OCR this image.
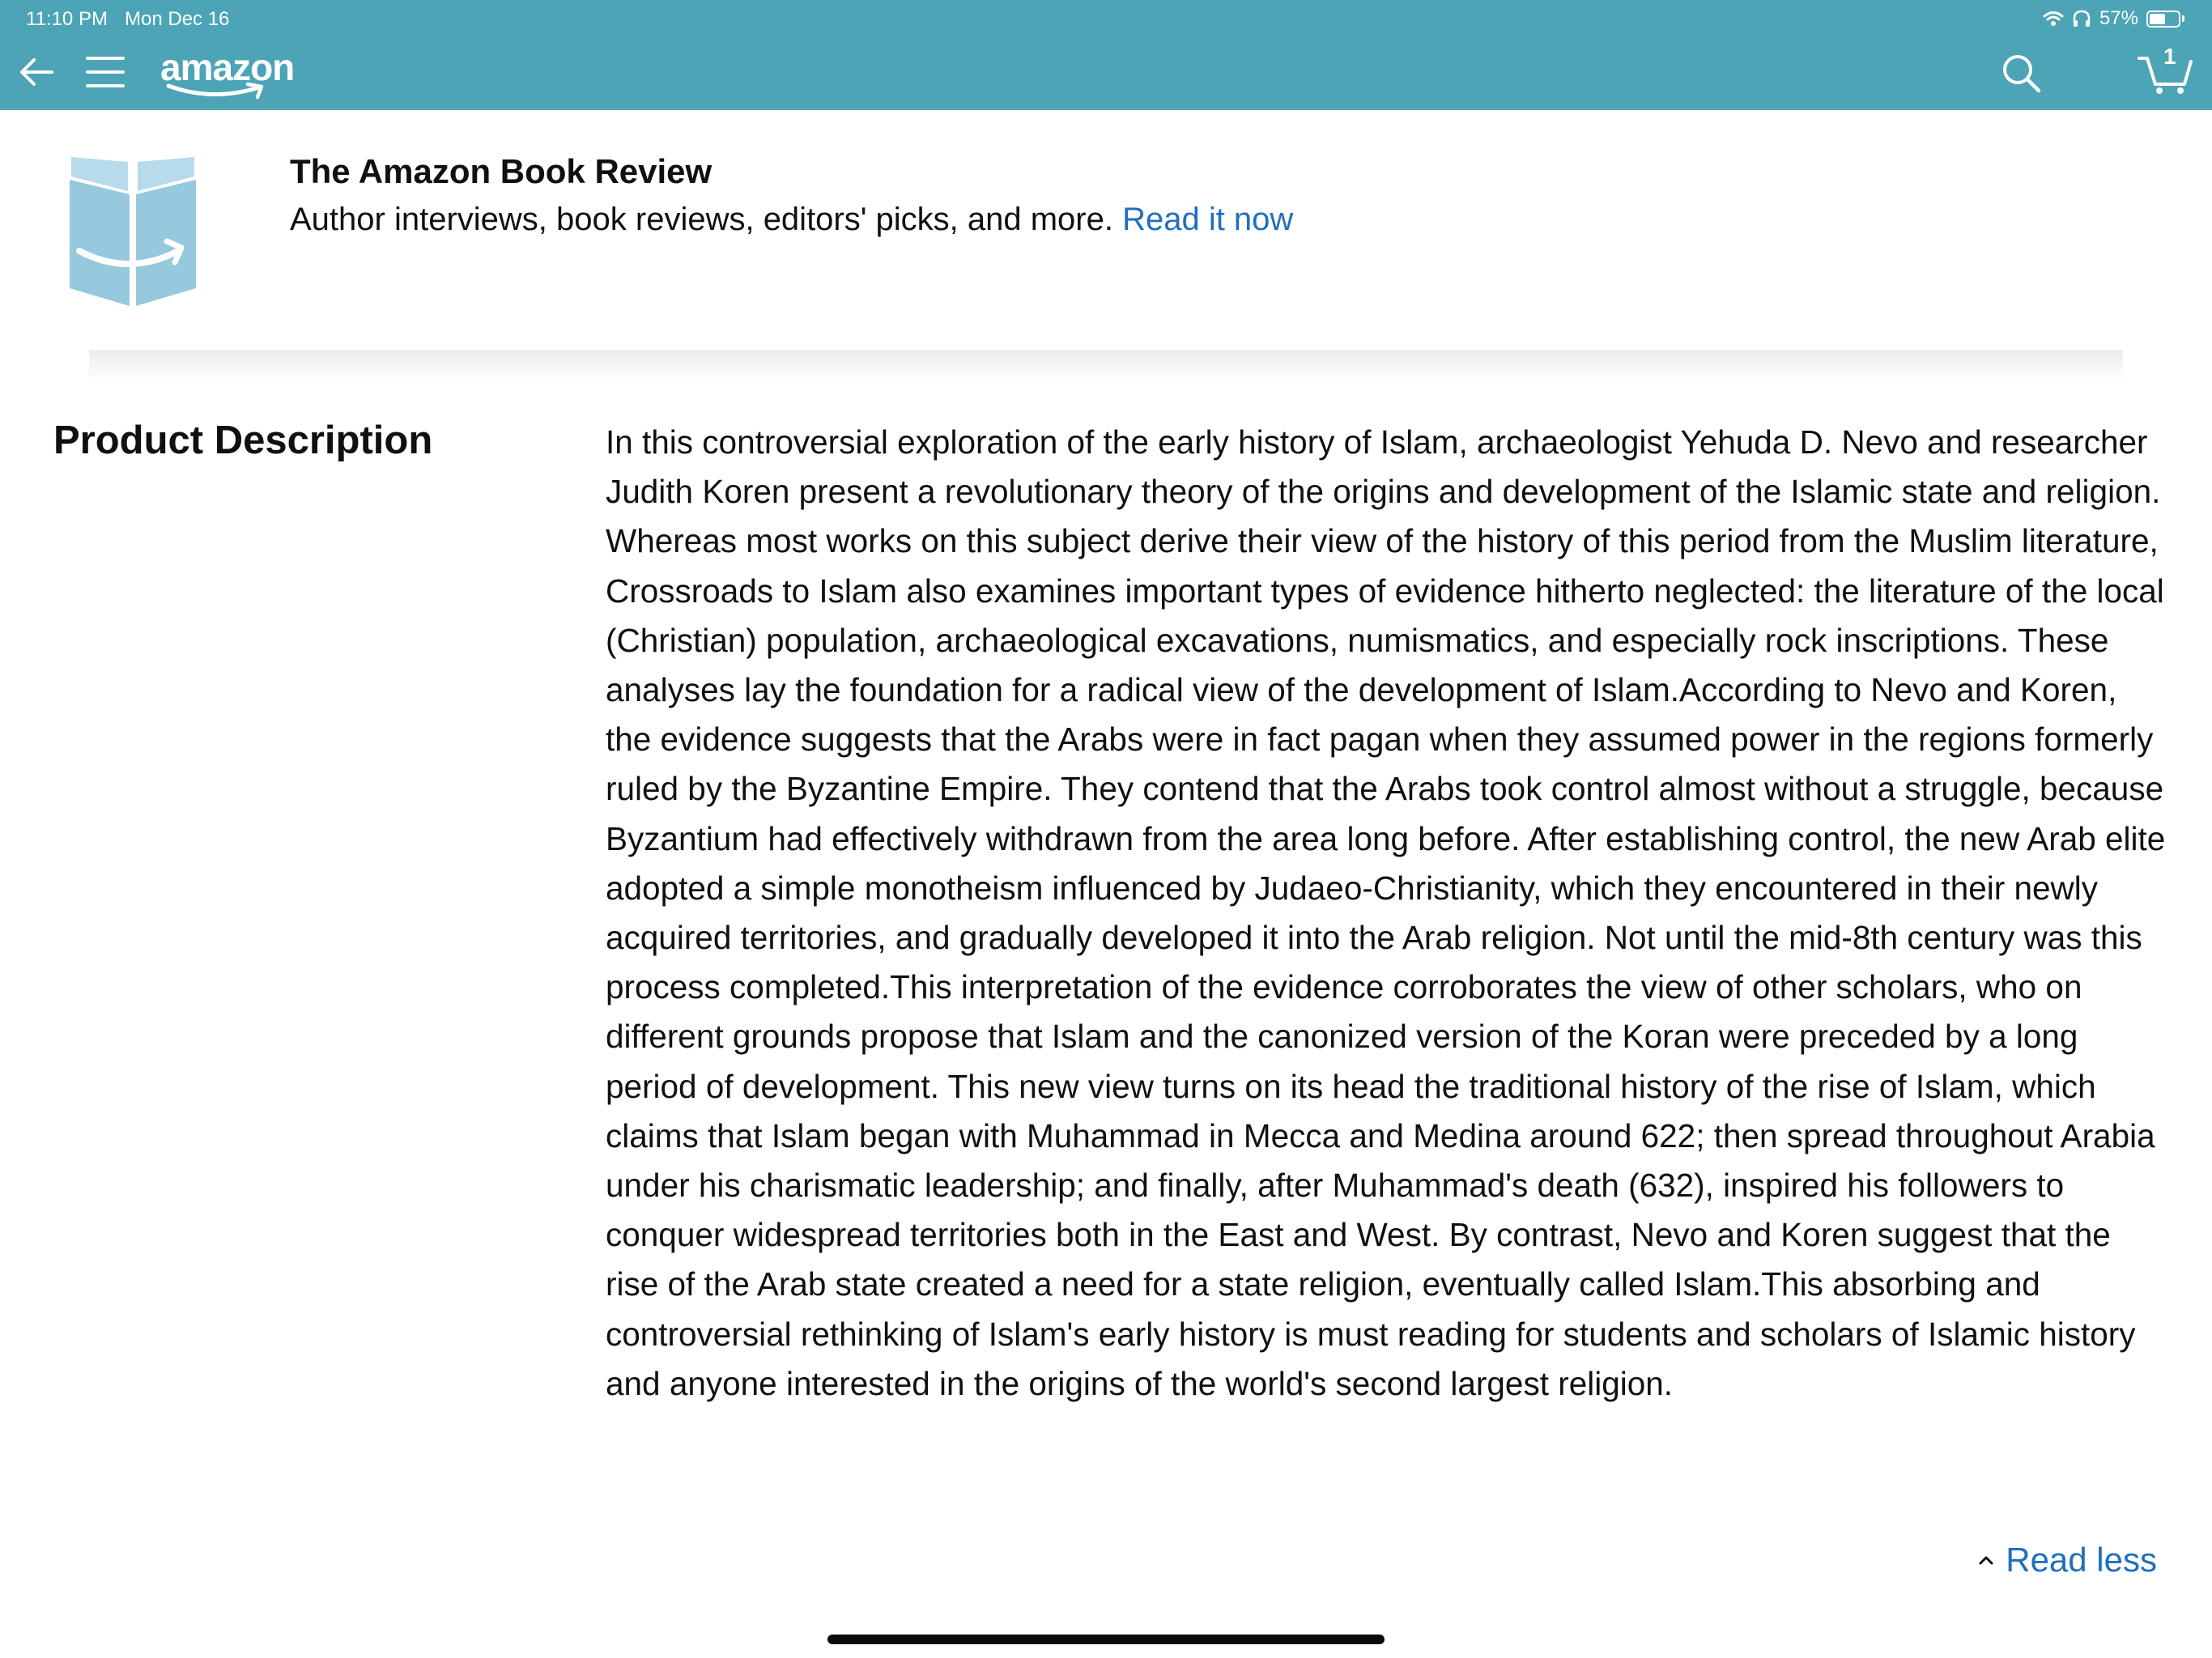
11:10 PM Mon Dec 16	57%
amazon	1
The Amazon Book Review
Author interviews, book reviews, editors' picks, and more. Read it now
Product Description	In this controversial exploration of the early history of Islam, archaeologist Yehuda D. Nevo and researcher Judith Koren present a revolutionary theory of the origins and development of the Islamic state and religion. Whereas most works on this subject derive their view of the history of this period from the Muslim literature, Crossroads to Islam also examines important types of evidence hitherto neglected: the literature of the local (Christian) population, archaeological excavations, numismatics, and especially rock inscriptions. These analyses lay the foundation for a radical view of the development of Islam.According to Nevo and Koren, the evidence suggests that the Arabs were in fact pagan when they assumed power in the regions formerly ruled by the Byzantine Empire. They contend that the Arabs took control almost without a struggle, because Byzantium had effectively withdrawn from the area long before. After establishing control, the new Arab elite adopted a simple monotheism influenced by Judaeo-Christianity, which they encountered in their newly acquired territories, and gradually developed it into the Arab religion. Not until the mid-8th century was this process completed.This interpretation of the evidence corroborates the view of other scholars, who on different grounds propose that Islam and the canonized version of the Koran were preceded by a long period of development. This new view turns on its head the traditional history of the rise of Islam, which claims that Islam began with Muhammad in Mecca and Medina around 622; then spread throughout Arabia under his charismatic leadership; and finally, after Muhammad's death (632), inspired his followers to conquer widespread territories both in the East and West. By contrast, Nevo and Koren suggest that the rise of the Arab state created a need for a state religion, eventually called Islam.This absorbing and controversial rethinking of Islam's early history is must reading for students and scholars of Islamic history and anyone interested in the origins of the world's second largest religion.
Read less
